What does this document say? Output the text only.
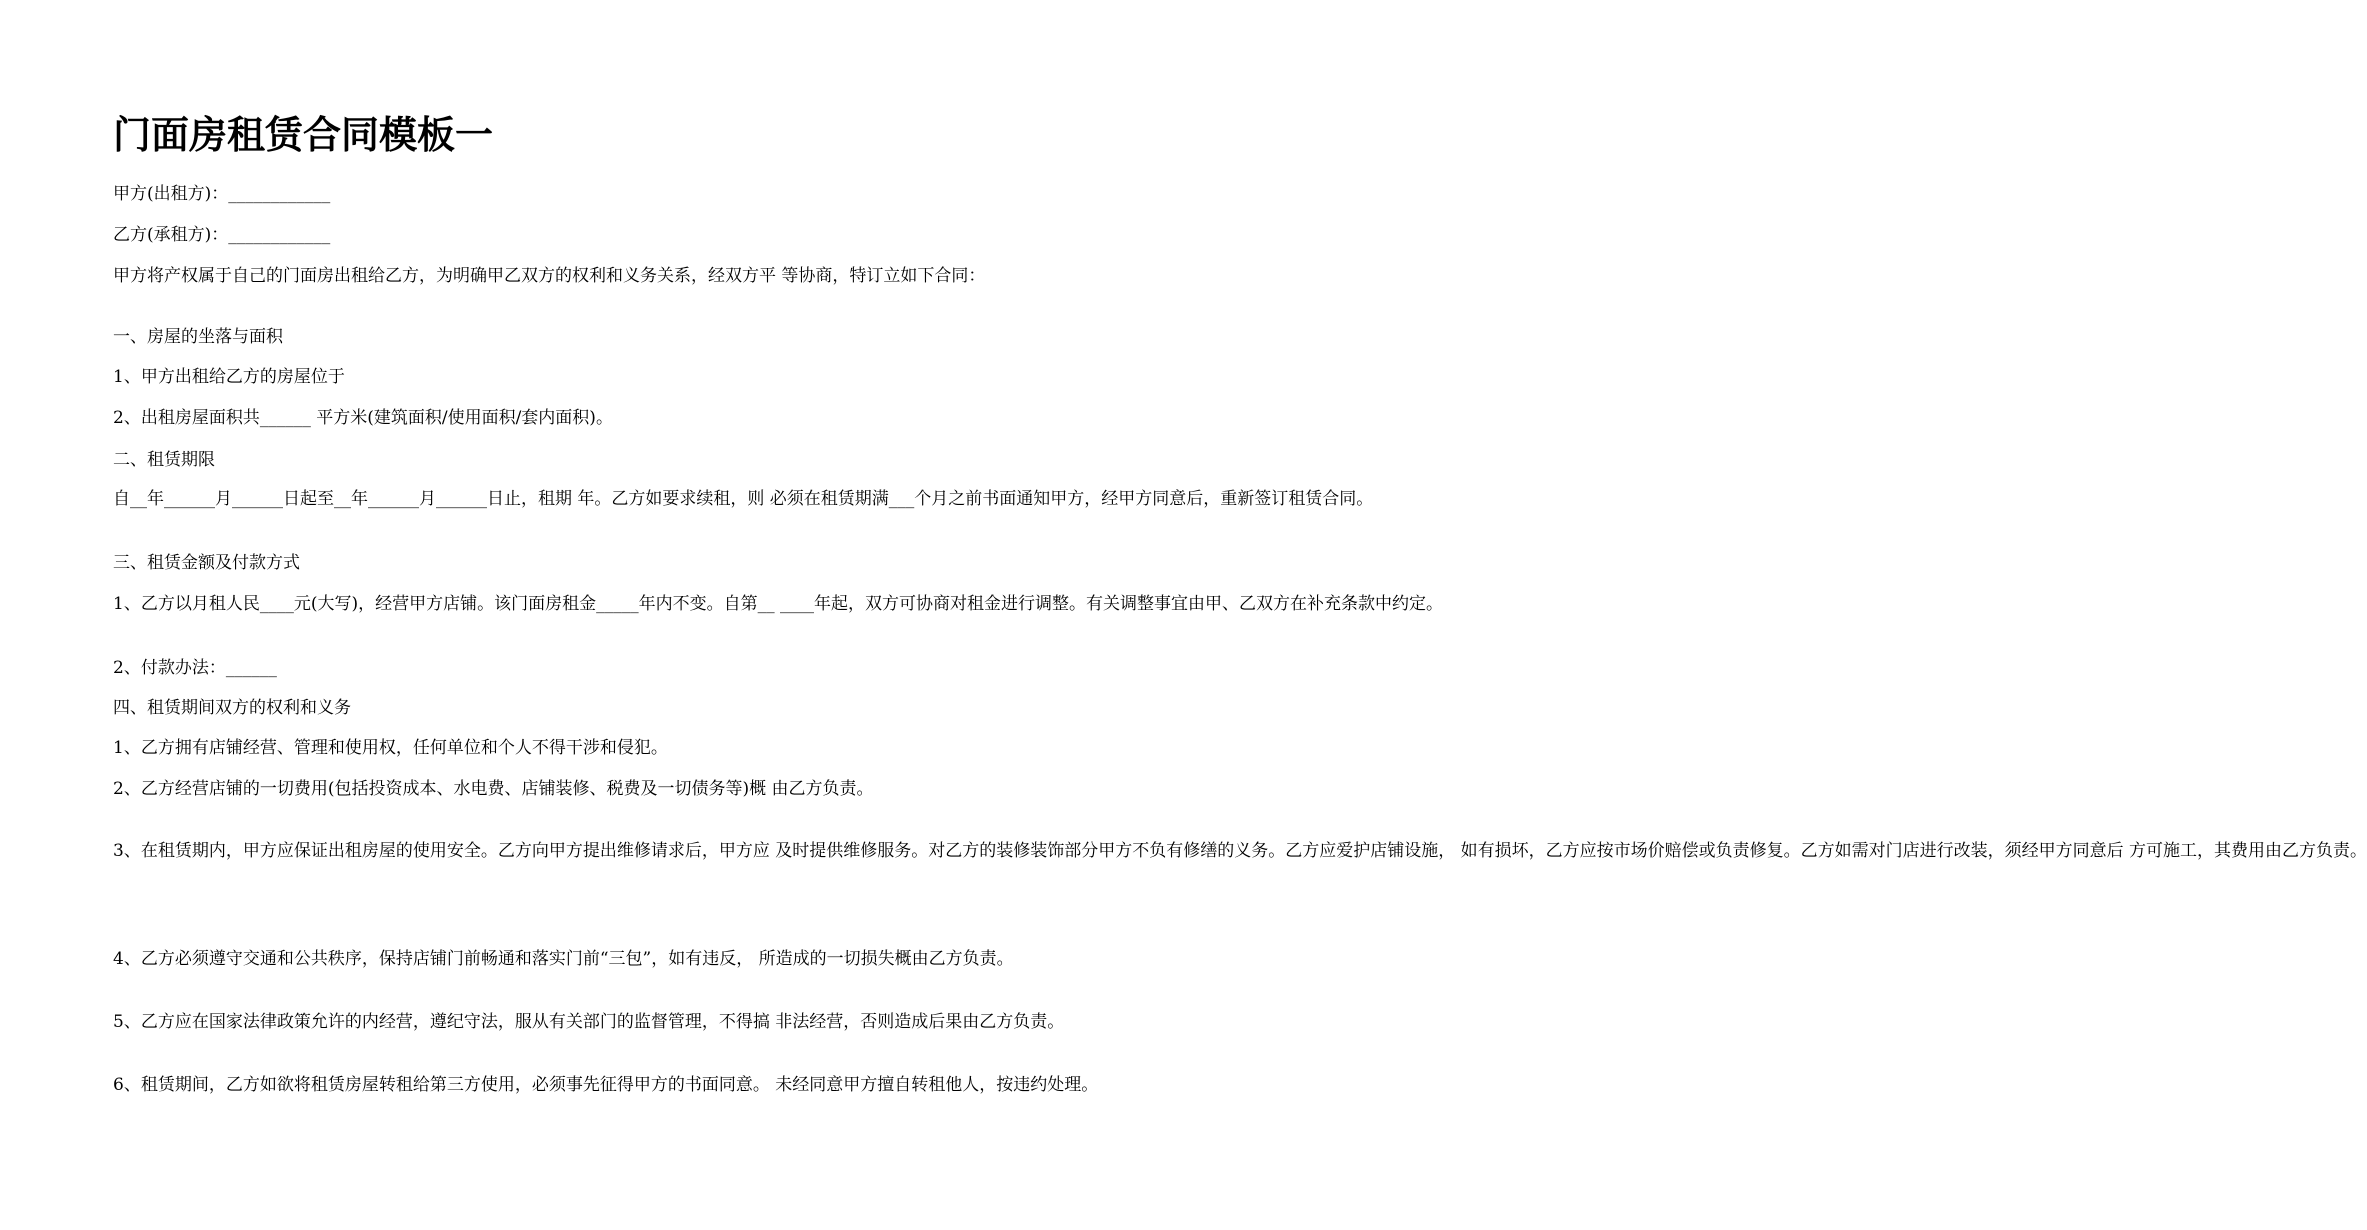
门面房租赁合同模板一

甲方(出租方)：____________

乙方(承租方)：____________

甲方将产权属于自己的门面房出租给乙方，为明确甲乙双方的权利和义务关系，经双方平 等协商，特订立如下合同：

一、房屋的坐落与面积

1、甲方出租给乙方的房屋位于

2、出租房屋面积共______ 平方米(建筑面积/使用面积/套内面积)。

二、租赁期限

自__年______月______日起至__年______月______日止，租期 年。乙方如要求续租，则 必须在租赁期满___个月之前书面通知甲方，经甲方同意后，重新签订租赁合同。

三、租赁金额及付款方式

1、乙方以月租人民____元(大写)，经营甲方店铺。该门面房租金_____年内不变。自第__ ____年起，双方可协商对租金进行调整。有关调整事宜由甲、乙双方在补充条款中约定。

2、付款办法：______

四、租赁期间双方的权利和义务

1、乙方拥有店铺经营、管理和使用权，任何单位和个人不得干涉和侵犯。

2、乙方经营店铺的一切费用(包括投资成本、水电费、店铺装修、税费及一切债务等)概 由乙方负责。

3、在租赁期内，甲方应保证出租房屋的使用安全。乙方向甲方提出维修请求后，甲方应 及时提供维修服务。对乙方的装修装饰部分甲方不负有修缮的义务。乙方应爱护店铺设施， 如有损坏，乙方应按市场价赔偿或负责修复。乙方如需对门店进行改装，须经甲方同意后 方可施工，其费用由乙方负责。

4、乙方必须遵守交通和公共秩序，保持店铺门前畅通和落实门前“三包”，如有违反， 所造成的一切损失概由乙方负责。

5、乙方应在国家法律政策允许的内经营，遵纪守法，服从有关部门的监督管理，不得搞 非法经营，否则造成后果由乙方负责。

6、租赁期间，乙方如欲将租赁房屋转租给第三方使用，必须事先征得甲方的书面同意。 未经同意甲方擅自转租他人，按违约处理。
